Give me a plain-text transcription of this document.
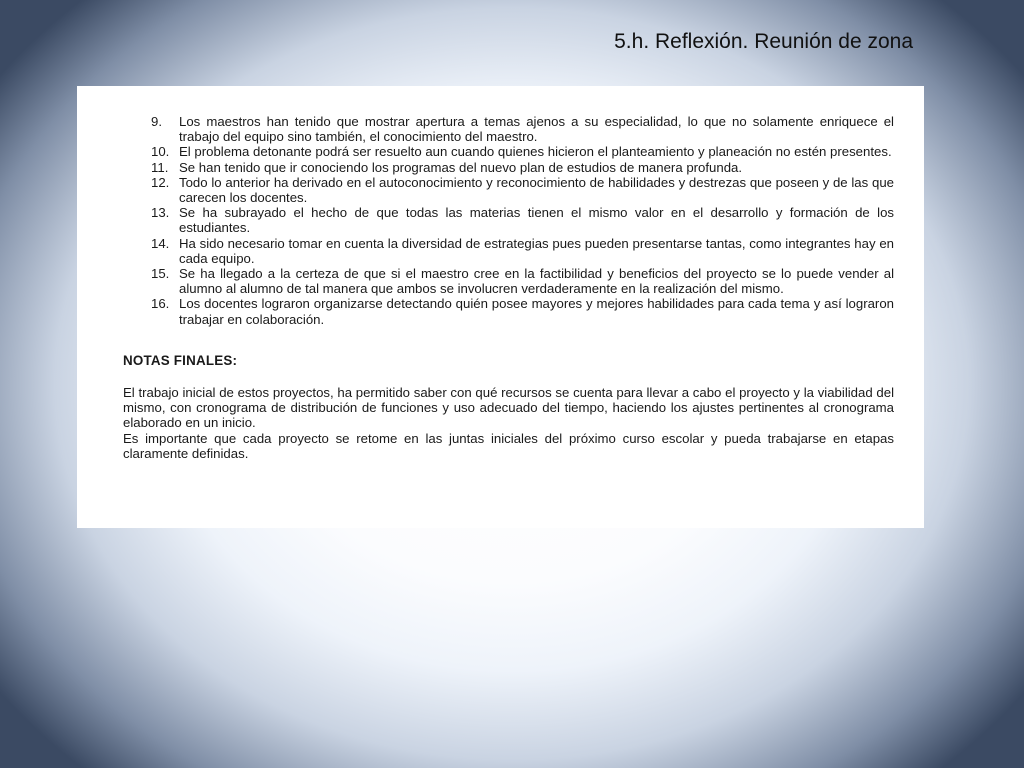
5.h. Reflexión. Reunión de zona
9. Los maestros han tenido que mostrar apertura a temas ajenos a su especialidad, lo que no solamente enriquece el trabajo del equipo sino también, el conocimiento del maestro.
10. El problema detonante podrá ser resuelto aun cuando quienes hicieron el planteamiento y planeación no estén presentes.
11. Se han tenido que ir conociendo los programas del nuevo plan de estudios de manera profunda.
12. Todo lo anterior ha derivado en el autoconocimiento y reconocimiento de habilidades y destrezas que poseen y de las que carecen los docentes.
13. Se ha subrayado el hecho de que todas las materias tienen el mismo valor en el desarrollo y formación de los estudiantes.
14. Ha sido necesario tomar en cuenta la diversidad de estrategias pues pueden presentarse tantas, como integrantes hay en cada equipo.
15. Se ha llegado a la certeza de que si el maestro cree en la factibilidad y beneficios del proyecto se lo puede vender al alumno al alumno de tal manera que ambos se involucren verdaderamente en la realización del mismo.
16. Los docentes lograron organizarse detectando quién posee mayores y mejores habilidades para cada tema y así lograron trabajar en colaboración.
NOTAS FINALES:

El trabajo inicial de estos proyectos, ha permitido saber con qué recursos se cuenta para llevar a cabo el proyecto y la viabilidad del mismo, con cronograma de distribución de funciones y uso adecuado del tiempo, haciendo los ajustes pertinentes al cronograma elaborado en un inicio.

Es importante que cada proyecto se retome en las juntas iniciales del próximo curso escolar y pueda trabajarse en etapas claramente definidas.
